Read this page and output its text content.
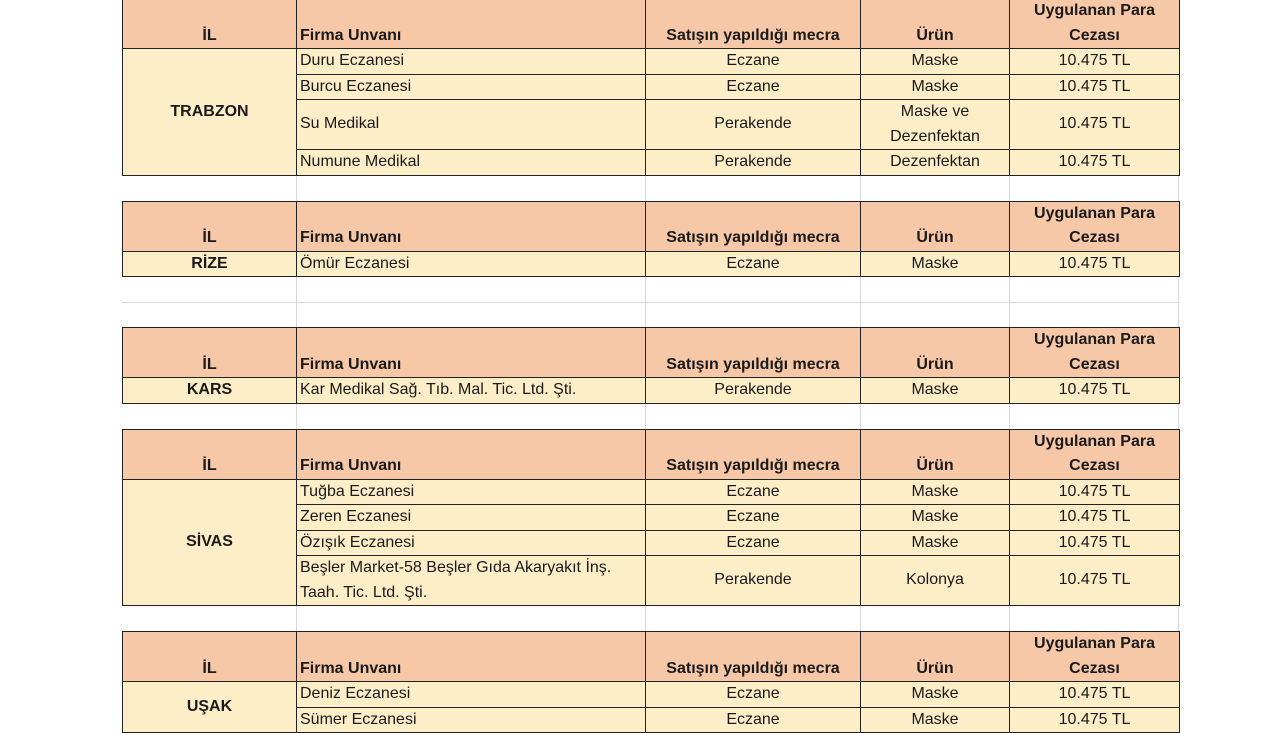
İL	Firma Unvanı	Satışın yapıldığı mecra	Ürün	Uygulanan Para
Cezası

TRABZON	Duru Eczanesi	Eczane	Maske	10.475 TL
	Burcu Eczanesi	Eczane	Maske	10.475 TL
	Su Medikal	Perakende	Maske ve Dezenfektan	10.475 TL
	Numune Medikal	Perakende	Dezenfektan	10.475 TL
İL	Firma Unvanı	Satışın yapıldığı mecra	Ürün	Uygulanan Para
Cezası

RİZE	Ömür Eczanesi	Eczane	Maske	10.475 TL
İL	Firma Unvanı	Satışın yapıldığı mecra	Ürün	Uygulanan Para
Cezası

KARS	Kar Medikal Sağ. Tıb. Mal. Tic. Ltd. Şti.	Perakende	Maske	10.475 TL
İL	Firma Unvanı	Satışın yapıldığı mecra	Ürün	Uygulanan Para
Cezası

SİVAS	Tuğba Eczanesi	Eczane	Maske	10.475 TL
	Zeren Eczanesi	Eczane	Maske	10.475 TL
	Özışık Eczanesi	Eczane	Maske	10.475 TL
	Beşler Market-58 Beşler Gıda Akaryakıt İnş. Taah. Tic. Ltd. Şti.	Perakende	Kolonya	10.475 TL
İL	Firma Unvanı	Satışın yapıldığı mecra	Ürün	Uygulanan Para
Cezası

UŞAK	Deniz Eczanesi	Eczane	Maske	10.475 TL
	Sümer Eczanesi	Eczane	Maske	10.475 TL
